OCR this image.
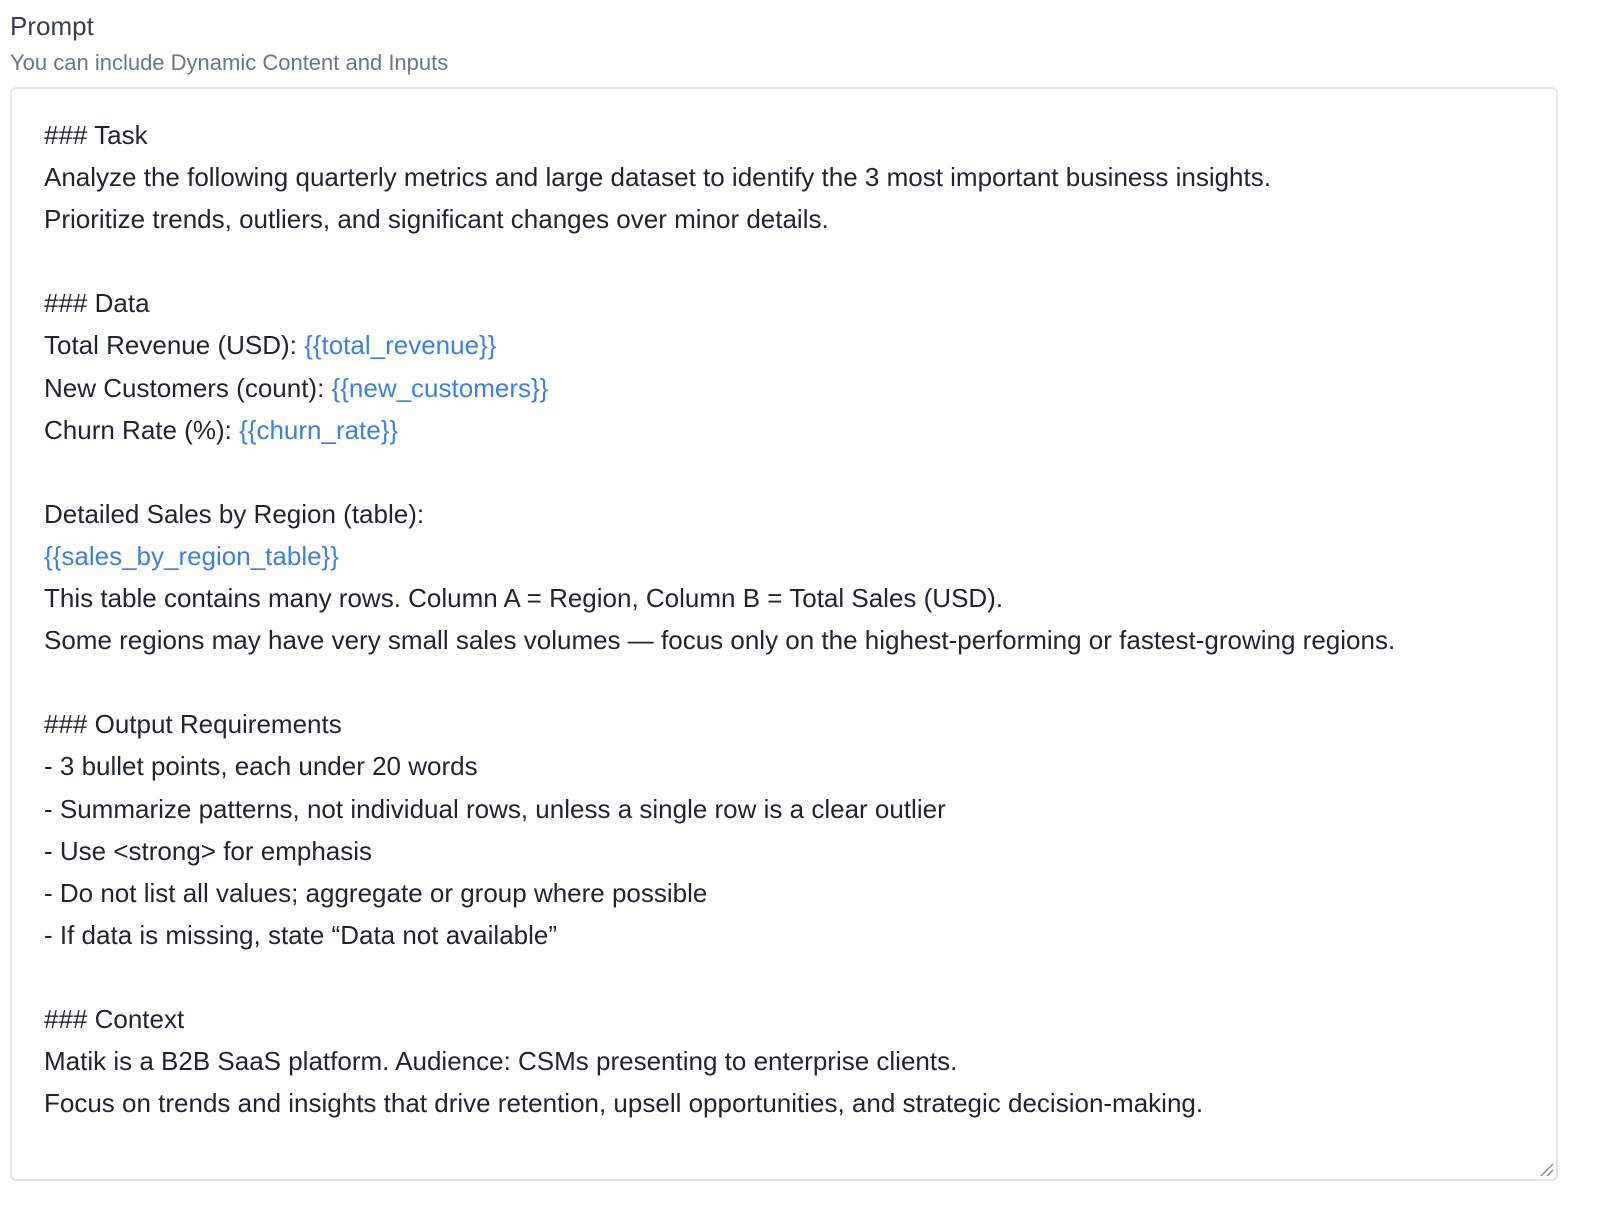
Prompt

You can include Dynamic Content and Inputs

### Task
Analyze the following quarterly metrics and large dataset to identify the 3 most important business insights.
Prioritize trends, outliers, and significant changes over minor details.
### Data
Total Revenue (USD): {{total_revenue}}
New Customers (count): {{new_customers}}
Churn Rate (%): {{churn_rate}}
Detailed Sales by Region (table):
{{sales_by_region_table}}
This table contains many rows. Column A = Region, Column B = Total Sales (USD).
Some regions may have very small sales volumes — focus only on the highest-performing or fastest-growing regions.
### Output Requirements
- 3 bullet points, each under 20 words
- Summarize patterns, not individual rows, unless a single row is a clear outlier
- Use <strong> for emphasis
- Do not list all values; aggregate or group where possible
- If data is missing, state “Data not available”
### Context
Matik is a B2B SaaS platform. Audience: CSMs presenting to enterprise clients.
Focus on trends and insights that drive retention, upsell opportunities, and strategic decision-making.
